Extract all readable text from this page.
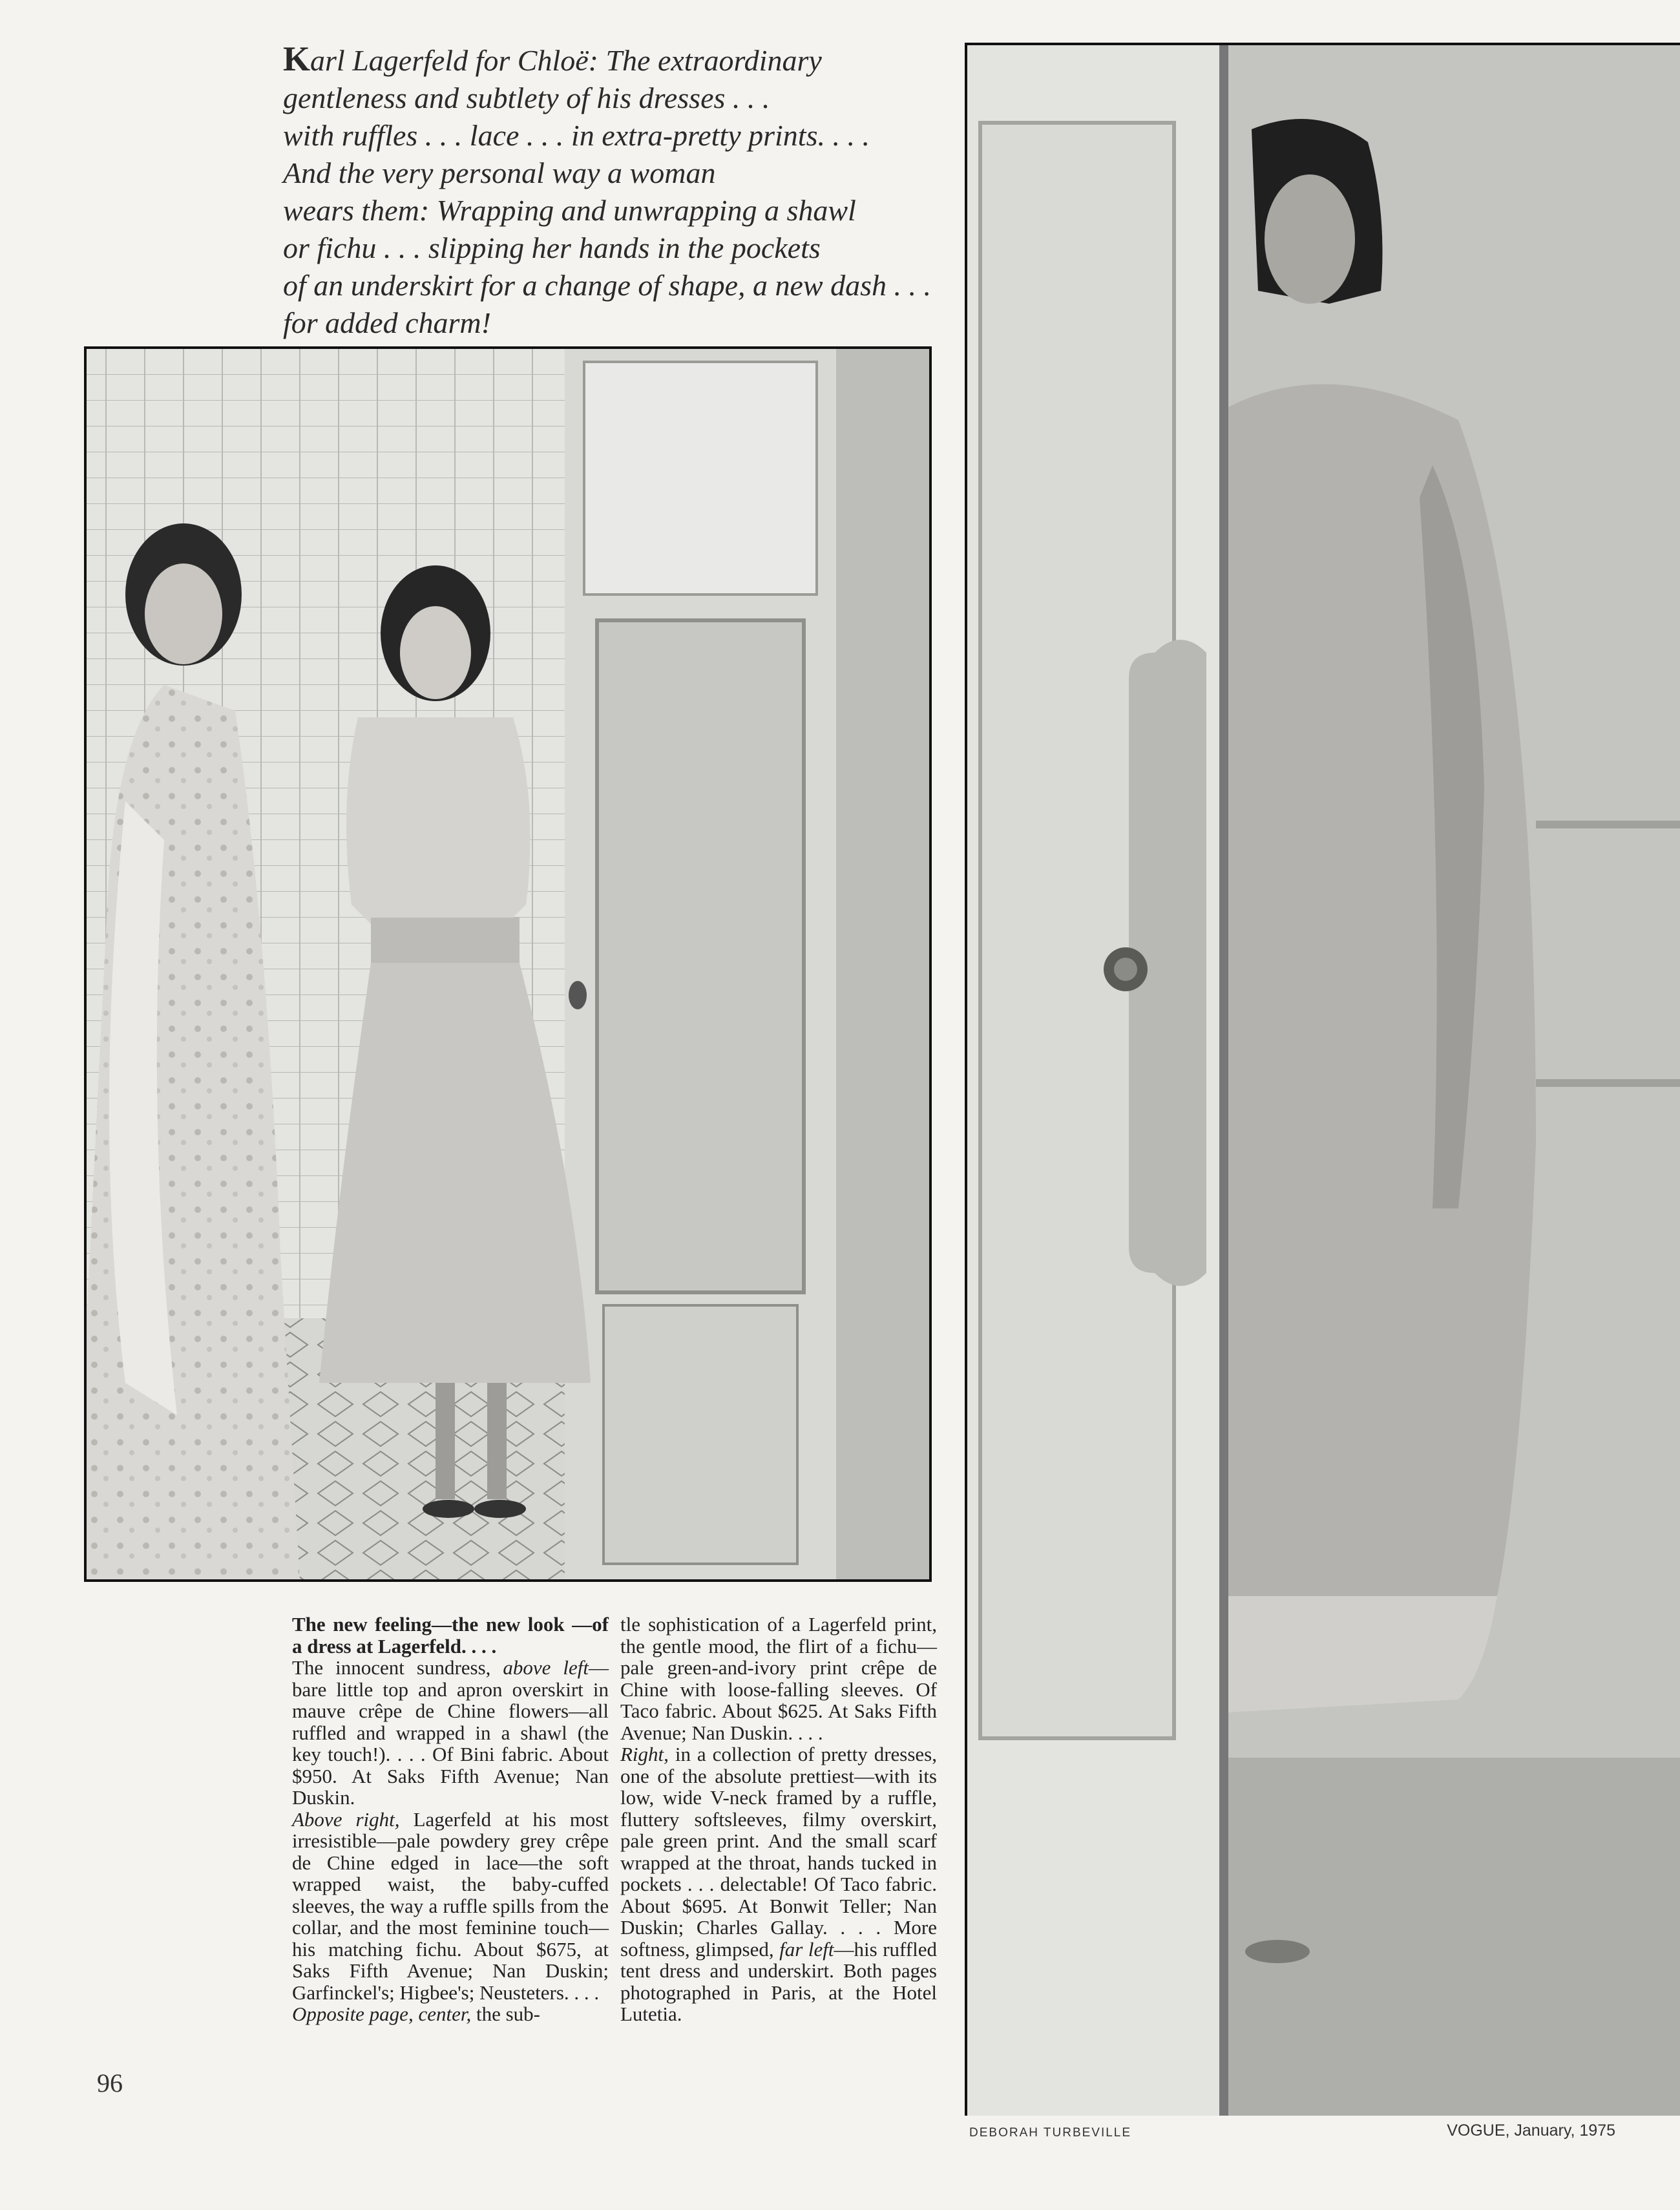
Karl Lagerfeld for Chloë: The extraordinary

gentleness and subtlety of his dresses . . .

with ruffles . . . lace . . . in extra-pretty prints. . . .

And the very personal way a woman

wears them: Wrapping and unwrapping a shawl

or fichu . . . slipping her hands in the pockets

of an underskirt for a change of shape, a new dash . . .

for added charm!

The new feeling—the new look —of a dress at Lagerfeld. . . .

The innocent sundress, above left—bare little top and apron overskirt in mauve crêpe de Chine flowers—all ruffled and wrapped in a shawl (the key touch!). . . . Of Bini fabric. About $950. At Saks Fifth Avenue; Nan Duskin.

Above right, Lagerfeld at his most irresistible—pale powdery grey crêpe de Chine edged in lace—the soft wrapped waist, the baby-cuffed sleeves, the way a ruffle spills from the collar, and the most feminine touch—his matching fichu. About $675, at Saks Fifth Avenue; Nan Duskin; Garfinckel's; Higbee's; Neusteters. . . .

Opposite page, center, the sub-

tle sophistication of a Lagerfeld print, the gentle mood, the flirt of a fichu—pale green-and-ivory print crêpe de Chine with loose-falling sleeves. Of Taco fabric. About $625. At Saks Fifth Avenue; Nan Duskin. . . .

Right, in a collection of pretty dresses, one of the absolute prettiest—with its low, wide V-neck framed by a ruffle, fluttery softsleeves, filmy overskirt, pale green print. And the small scarf wrapped at the throat, hands tucked in pockets . . . delectable! Of Taco fabric. About $695. At Bonwit Teller; Nan Duskin; Charles Gallay. . . . More softness, glimpsed, far left—his ruffled tent dress and underskirt. Both pages photographed in Paris, at the Hotel Lutetia.

96
DEBORAH TURBEVILLE	VOGUE, January, 1975
